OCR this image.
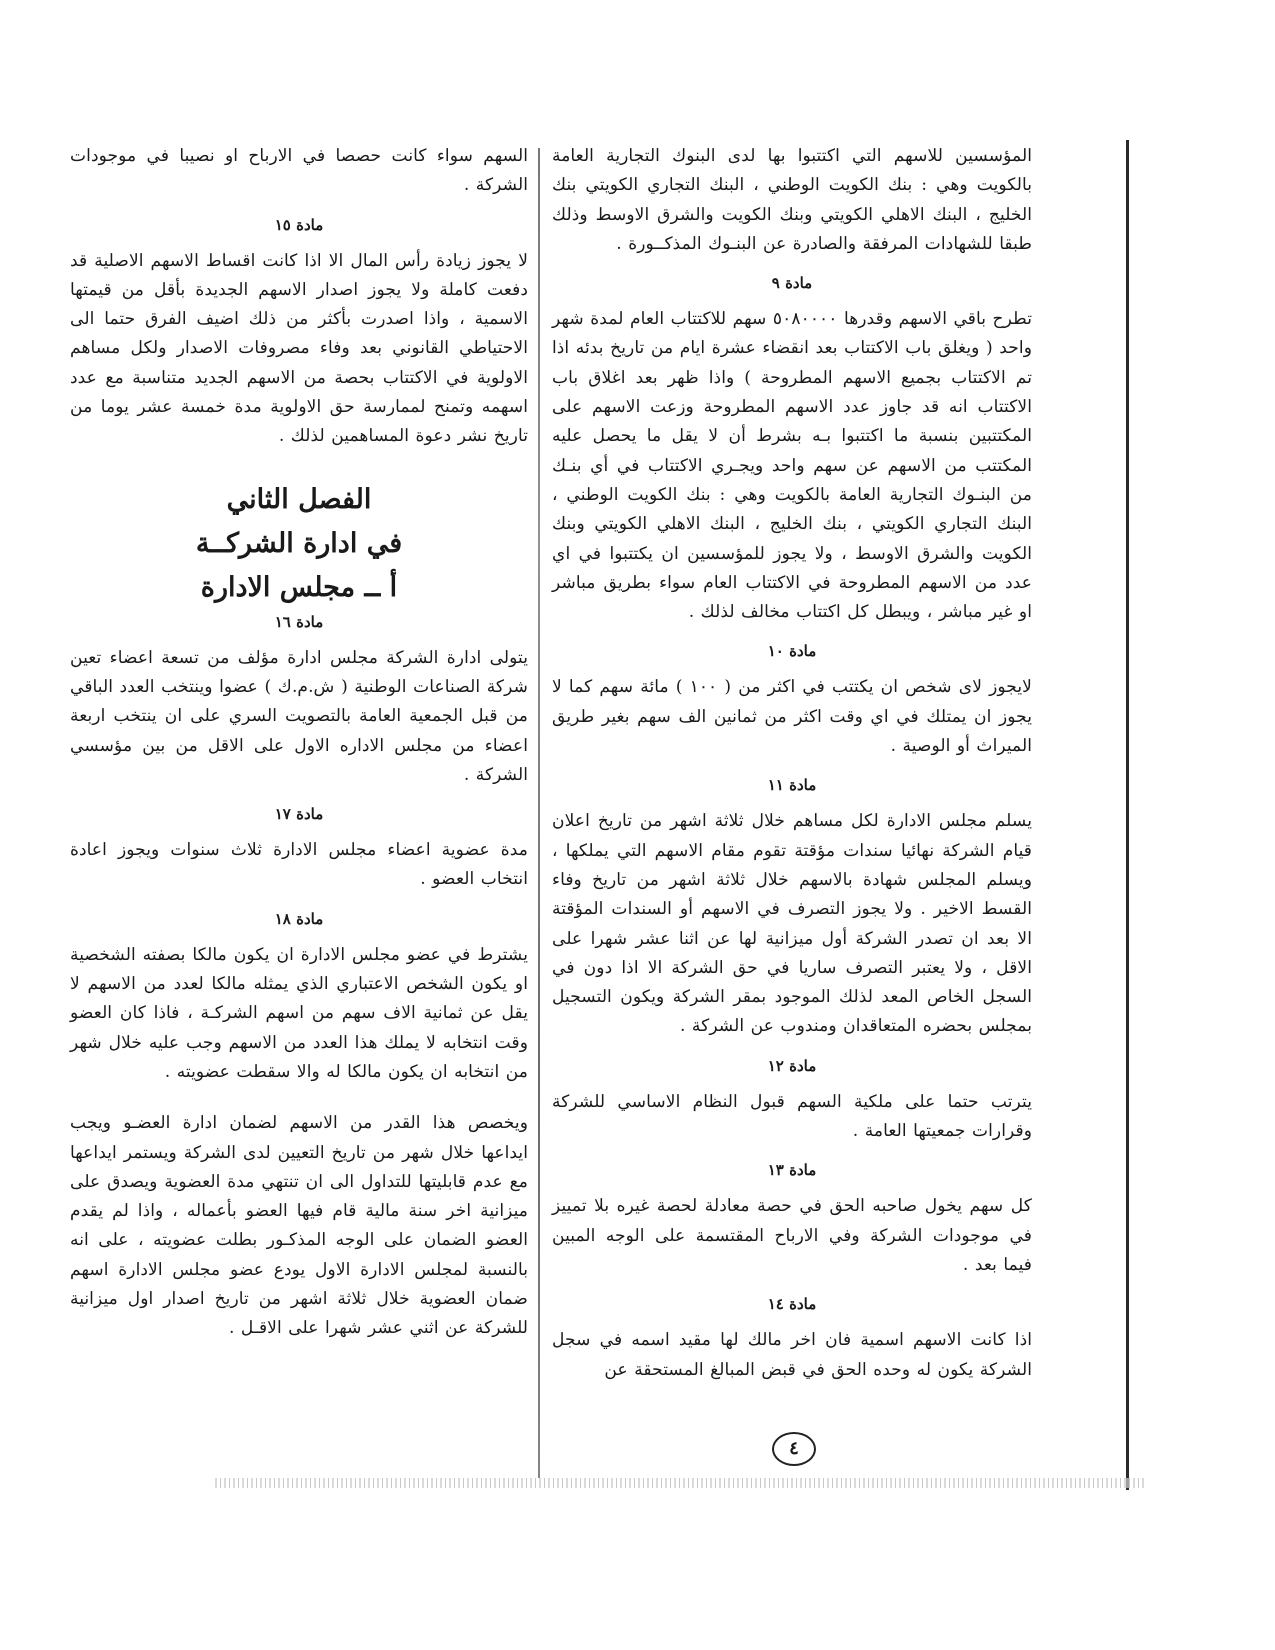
المؤسسين للاسهم التي اكتتبوا بها لدى البنوك التجارية العامة بالكويت وهي : بنك الكويت الوطني ، البنك التجاري الكويتي بنك الخليج ، البنك الاهلي الكويتي وبنك الكويت والشرق الاوسط وذلك طبقا للشهادات المرفقة والصادرة عن البنـوك المذكــورة .

مادة ٩

تطرح باقي الاسهم وقدرها ٥٠٨٠٠٠٠ سهم للاكتتاب العام لمدة شهر واحد ( ويغلق باب الاكتتاب بعد انقضاء عشرة ايام من تاريخ بدئه اذا تم الاكتتاب بجميع الاسهم المطروحة ) واذا ظهر بعد اغلاق باب الاكتتاب انه قد جاوز عدد الاسهم المطروحة وزعت الاسهم على المكتتبين بنسبة ما اكتتبوا بـه بشرط أن لا يقل ما يحصل عليه المكتتب من الاسهم عن سهم واحد ويجـري الاكتتاب في أي بنـك من البنـوك التجارية العامة بالكويت وهي : بنك الكويت الوطني ، البنك التجاري الكويتي ، بنك الخليج ، البنك الاهلي الكويتي وبنك الكويت والشرق الاوسط ، ولا يجوز للمؤسسين ان يكتتبوا في اي عدد من الاسهم المطروحة في الاكتتاب العام سواء بطريق مباشر او غير مباشر ، ويبطل كل اكتتاب مخالف لذلك .

مادة ١٠

لايجوز لاى شخص ان يكتتب في اكثر من ( ١٠٠ ) مائة سهم كما لا يجوز ان يمتلك في اي وقت اكثر من ثمانين الف سهم بغير طريق الميراث أو الوصية .

مادة ١١

يسلم مجلس الادارة لكل مساهم خلال ثلاثة اشهر من تاريخ اعلان قيام الشركة نهائيا سندات مؤقتة تقوم مقام الاسهم التي يملكها ، ويسلم المجلس شهادة بالاسهم خلال ثلاثة اشهر من تاريخ وفاء القسط الاخير . ولا يجوز التصرف في الاسهم أو السندات المؤقتة الا بعد ان تصدر الشركة أول ميزانية لها عن اثنا عشر شهرا على الاقل ، ولا يعتبر التصرف ساريا في حق الشركة الا اذا دون في السجل الخاص المعد لذلك الموجود بمقر الشركة ويكون التسجيل بمجلس بحضره المتعاقدان ومندوب عن الشركة .

مادة ١٢

يترتب حتما على ملكية السهم قبول النظام الاساسي للشركة وقرارات جمعيتها العامة .

مادة ١٣

كل سهم يخول صاحبه الحق في حصة معادلة لحصة غيره بلا تمييز في موجودات الشركة وفي الارباح المقتسمة على الوجه المبين فيما بعد .

مادة ١٤

اذا كانت الاسهم اسمية فان اخر مالك لها مقيد اسمه في سجل الشركة يكون له وحده الحق في قبض المبالغ المستحقة عن

السهم سواء كانت حصصا في الارباح او نصيبا في موجودات الشركة .

مادة ١٥

لا يجوز زيادة رأس المال الا اذا كانت اقساط الاسهم الاصلية قد دفعت كاملة ولا يجوز اصدار الاسهم الجديدة بأقل من قيمتها الاسمية ، واذا اصدرت بأكثر من ذلك اضيف الفرق حتما الى الاحتياطي القانوني بعد وفاء مصروفات الاصدار ولكل مساهم الاولوية في الاكتتاب بحصة من الاسهم الجديد متناسبة مع عدد اسهمه وتمنح لممارسة حق الاولوية مدة خمسة عشر يوما من تاريخ نشر دعوة المساهمين لذلك .

الفصل الثاني
في ادارة الشركــة
أ ــ مجلس الادارة
مادة ١٦

يتولى ادارة الشركة مجلس ادارة مؤلف من تسعة اعضاء تعين شركة الصناعات الوطنية ( ش.م.ك ) عضوا وينتخب العدد الباقي من قبل الجمعية العامة بالتصويت السري على ان ينتخب اربعة اعضاء من مجلس الاداره الاول على الاقل من بين مؤسسي الشركة .

مادة ١٧

مدة عضوية اعضاء مجلس الادارة ثلاث سنوات ويجوز اعادة انتخاب العضو .

مادة ١٨

يشترط في عضو مجلس الادارة ان يكون مالكا بصفته الشخصية او يكون الشخص الاعتباري الذي يمثله مالكا لعدد من الاسهم لا يقل عن ثمانية الاف سهم من اسهم الشركـة ، فاذا كان العضو وقت انتخابه لا يملك هذا العدد من الاسهم وجب عليه خلال شهر من انتخابه ان يكون مالكا له والا سقطت عضويته .

ويخصص هذا القدر من الاسهم لضمان ادارة العضـو ويجب ايداعها خلال شهر من تاريخ التعيين لدى الشركة ويستمر ايداعها مع عدم قابليتها للتداول الى ان تنتهي مدة العضوية ويصدق على ميزانية اخر سنة مالية قام فيها العضو بأعماله ، واذا لم يقدم العضو الضمان على الوجه المذكـور بطلت عضويته ، على انه بالنسبة لمجلس الادارة الاول يودع عضو مجلس الادارة اسهم ضمان العضوية خلال ثلاثة اشهر من تاريخ اصدار اول ميزانية للشركة عن اثني عشر شهرا على الاقـل .

٤
